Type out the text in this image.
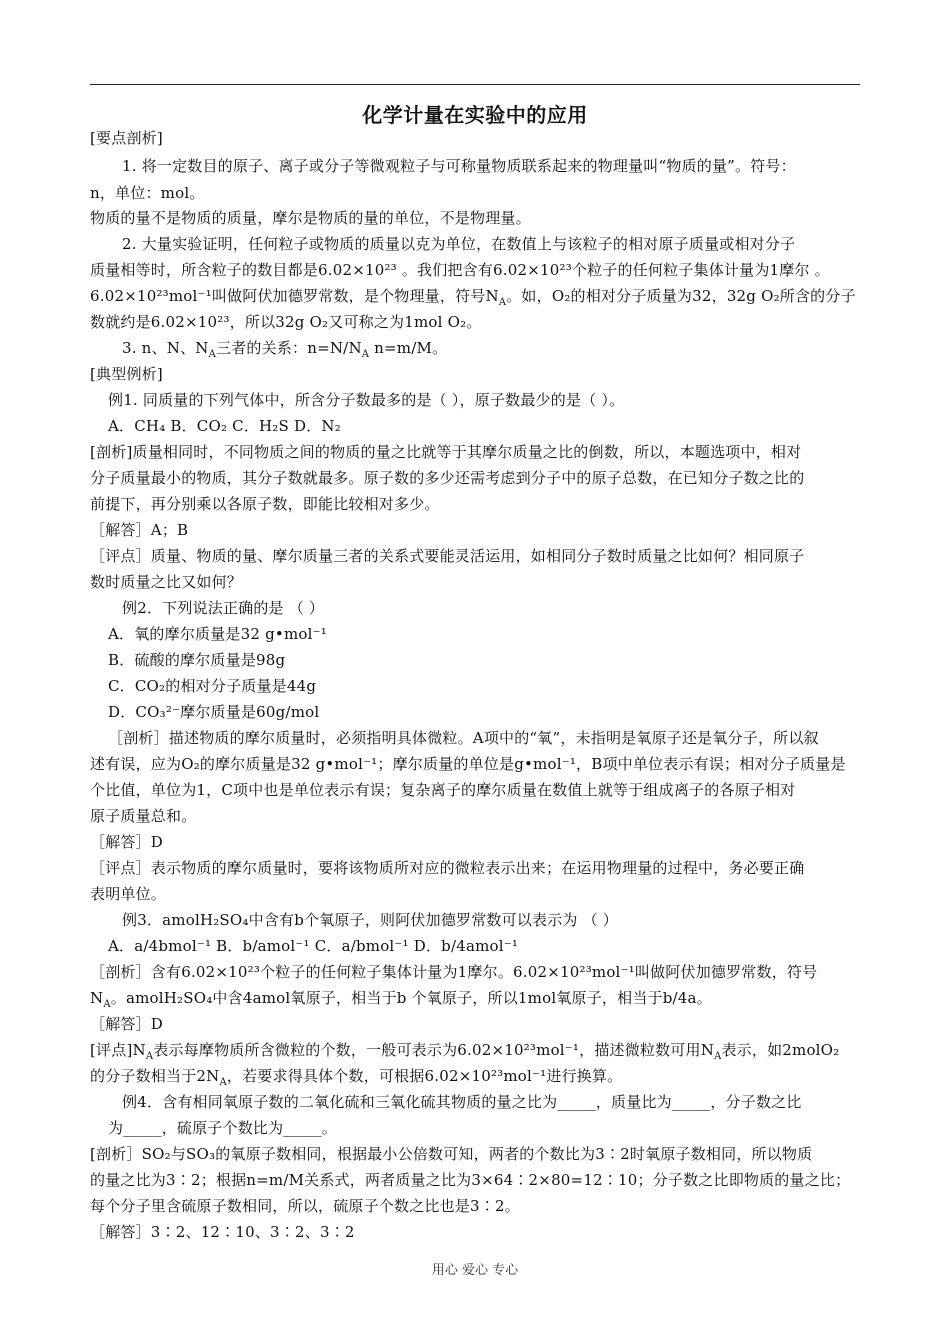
化学计量在实验中的应用
[要点剖析]
1. 将一定数目的原子、离子或分子等微观粒子与可称量物质联系起来的物理量叫“物质的量”。符号：
n，单位：mol。
物质的量不是物质的质量，摩尔是物质的量的单位，不是物理量。
2. 大量实验证明，任何粒子或物质的质量以克为单位，在数值上与该粒子的相对原子质量或相对分子
质量相等时，所含粒子的数目都是6.02×10²³ 。我们把含有6.02×10²³个粒子的任何粒子集体计量为1摩尔 。
6.02×10²³mol⁻¹叫做阿伏加德罗常数，是个物理量，符号$N_A$。如，O₂的相对分子质量为32，32g O₂所含的分子
数就约是6.02×10²³，所以32g O₂又可称之为1mol O₂。
3. n、N、$N_A$三者的关系：$n=N/N_A$ n=m/M。
[典型例析]
例1. 同质量的下列气体中，所含分子数最多的是（ ），原子数最少的是（ ）。
A．CH₄ B．CO₂ C．H₂S D．N₂
[剖析]质量相同时，不同物质之间的物质的量之比就等于其摩尔质量之比的倒数，所以，本题选项中，相对
分子质量最小的物质，其分子数就最多。原子数的多少还需考虑到分子中的原子总数，在已知分子数之比的
前提下，再分别乘以各原子数，即能比较相对多少。
［解答］A；B
［评点］质量、物质的量、摩尔质量三者的关系式要能灵活运用，如相同分子数时质量之比如何？相同原子
数时质量之比又如何？
例2．下列说法正确的是 （ ）
A．氧的摩尔质量是32 g•mol⁻¹
B．硫酸的摩尔质量是98g
C．CO₂的相对分子质量是44g
D．CO₃²⁻摩尔质量是60g/mol
［剖析］描述物质的摩尔质量时，必须指明具体微粒。A项中的“氧”，未指明是氧原子还是氧分子，所以叙
述有误，应为O₂的摩尔质量是32 g•mol⁻¹；摩尔质量的单位是g•mol⁻¹，B项中单位表示有误；相对分子质量是
个比值，单位为1，C项中也是单位表示有误；复杂离子的摩尔质量在数值上就等于组成离子的各原子相对
原子质量总和。
［解答］D
［评点］表示物质的摩尔质量时，要将该物质所对应的微粒表示出来；在运用物理量的过程中，务必要正确
表明单位。
例3．amolH₂SO₄中含有b个氧原子，则阿伏加德罗常数可以表示为 （ ）
A．a/4bmol⁻¹ B．b/amol⁻¹ C．a/bmol⁻¹ D．b/4amol⁻¹
［剖析］含有6.02×10²³个粒子的任何粒子集体计量为1摩尔。6.02×10²³mol⁻¹叫做阿伏加德罗常数，符号
$N_A$。amolH₂SO₄中含4amol氧原子，相当于b 个氧原子，所以1mol氧原子，相当于b/4a。
［解答］D
[评点]$N_A$表示每摩物质所含微粒的个数，一般可表示为6.02×10²³mol⁻¹，描述微粒数可用$N_A$表示，如2molO₂
的分子数相当于$2N_A$，若要求得具体个数，可根据6.02×10²³mol⁻¹进行换算。
例4．含有相同氧原子数的二氧化硫和三氧化硫其物质的量之比为_____，质量比为_____，分子数之比
为_____，硫原子个数比为_____。
[剖析］SO₂与SO₃的氧原子数相同，根据最小公倍数可知，两者的个数比为3∶2时氧原子数相同，所以物质
的量之比为3∶2；根据n=m/M关系式，两者质量之比为3×64∶2×80=12∶10；分子数之比即物质的量之比；
每个分子里含硫原子数相同，所以，硫原子个数之比也是3∶2。
［解答］3∶2、12∶10、3∶2、3∶2
用心 爱心 专心
